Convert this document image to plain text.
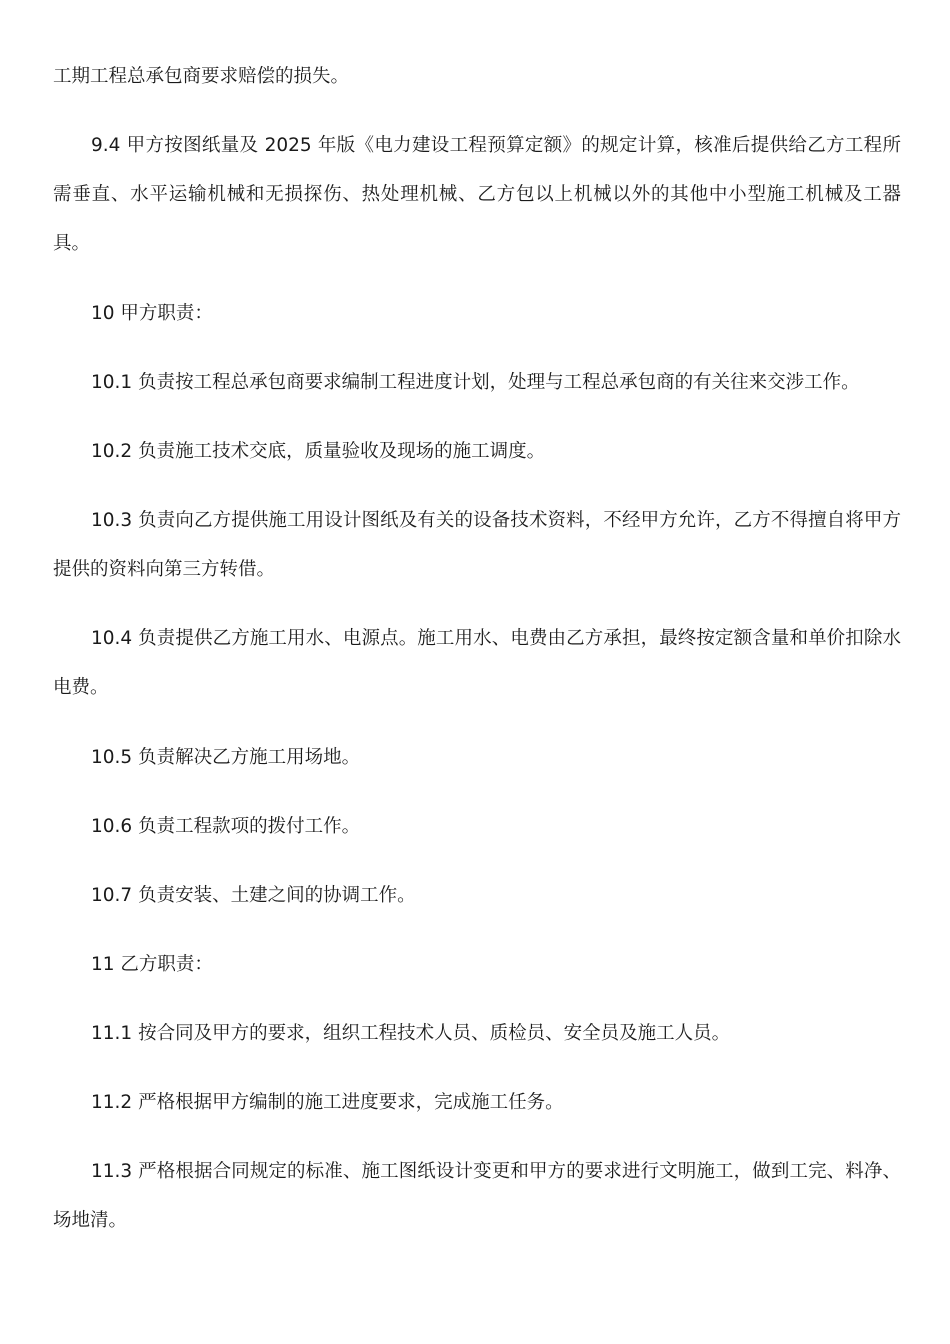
工期工程总承包商要求赔偿的损失。

9.4 甲方按图纸量及 2025 年版《电力建设工程预算定额》的规定计算，核准后提供给乙方工程所需垂直、水平运输机械和无损探伤、热处理机械、乙方包以上机械以外的其他中小型施工机械及工器具。

10 甲方职责：

10.1 负责按工程总承包商要求编制工程进度计划，处理与工程总承包商的有关往来交涉工作。

10.2 负责施工技术交底，质量验收及现场的施工调度。

10.3 负责向乙方提供施工用设计图纸及有关的设备技术资料，不经甲方允许，乙方不得擅自将甲方提供的资料向第三方转借。

10.4 负责提供乙方施工用水、电源点。施工用水、电费由乙方承担，最终按定额含量和单价扣除水电费。

10.5 负责解决乙方施工用场地。

10.6 负责工程款项的拨付工作。

10.7 负责安装、土建之间的协调工作。

11 乙方职责：

11.1 按合同及甲方的要求，组织工程技术人员、质检员、安全员及施工人员。

11.2 严格根据甲方编制的施工进度要求，完成施工任务。

11.3 严格根据合同规定的标准、施工图纸设计变更和甲方的要求进行文明施工，做到工完、料净、场地清。
